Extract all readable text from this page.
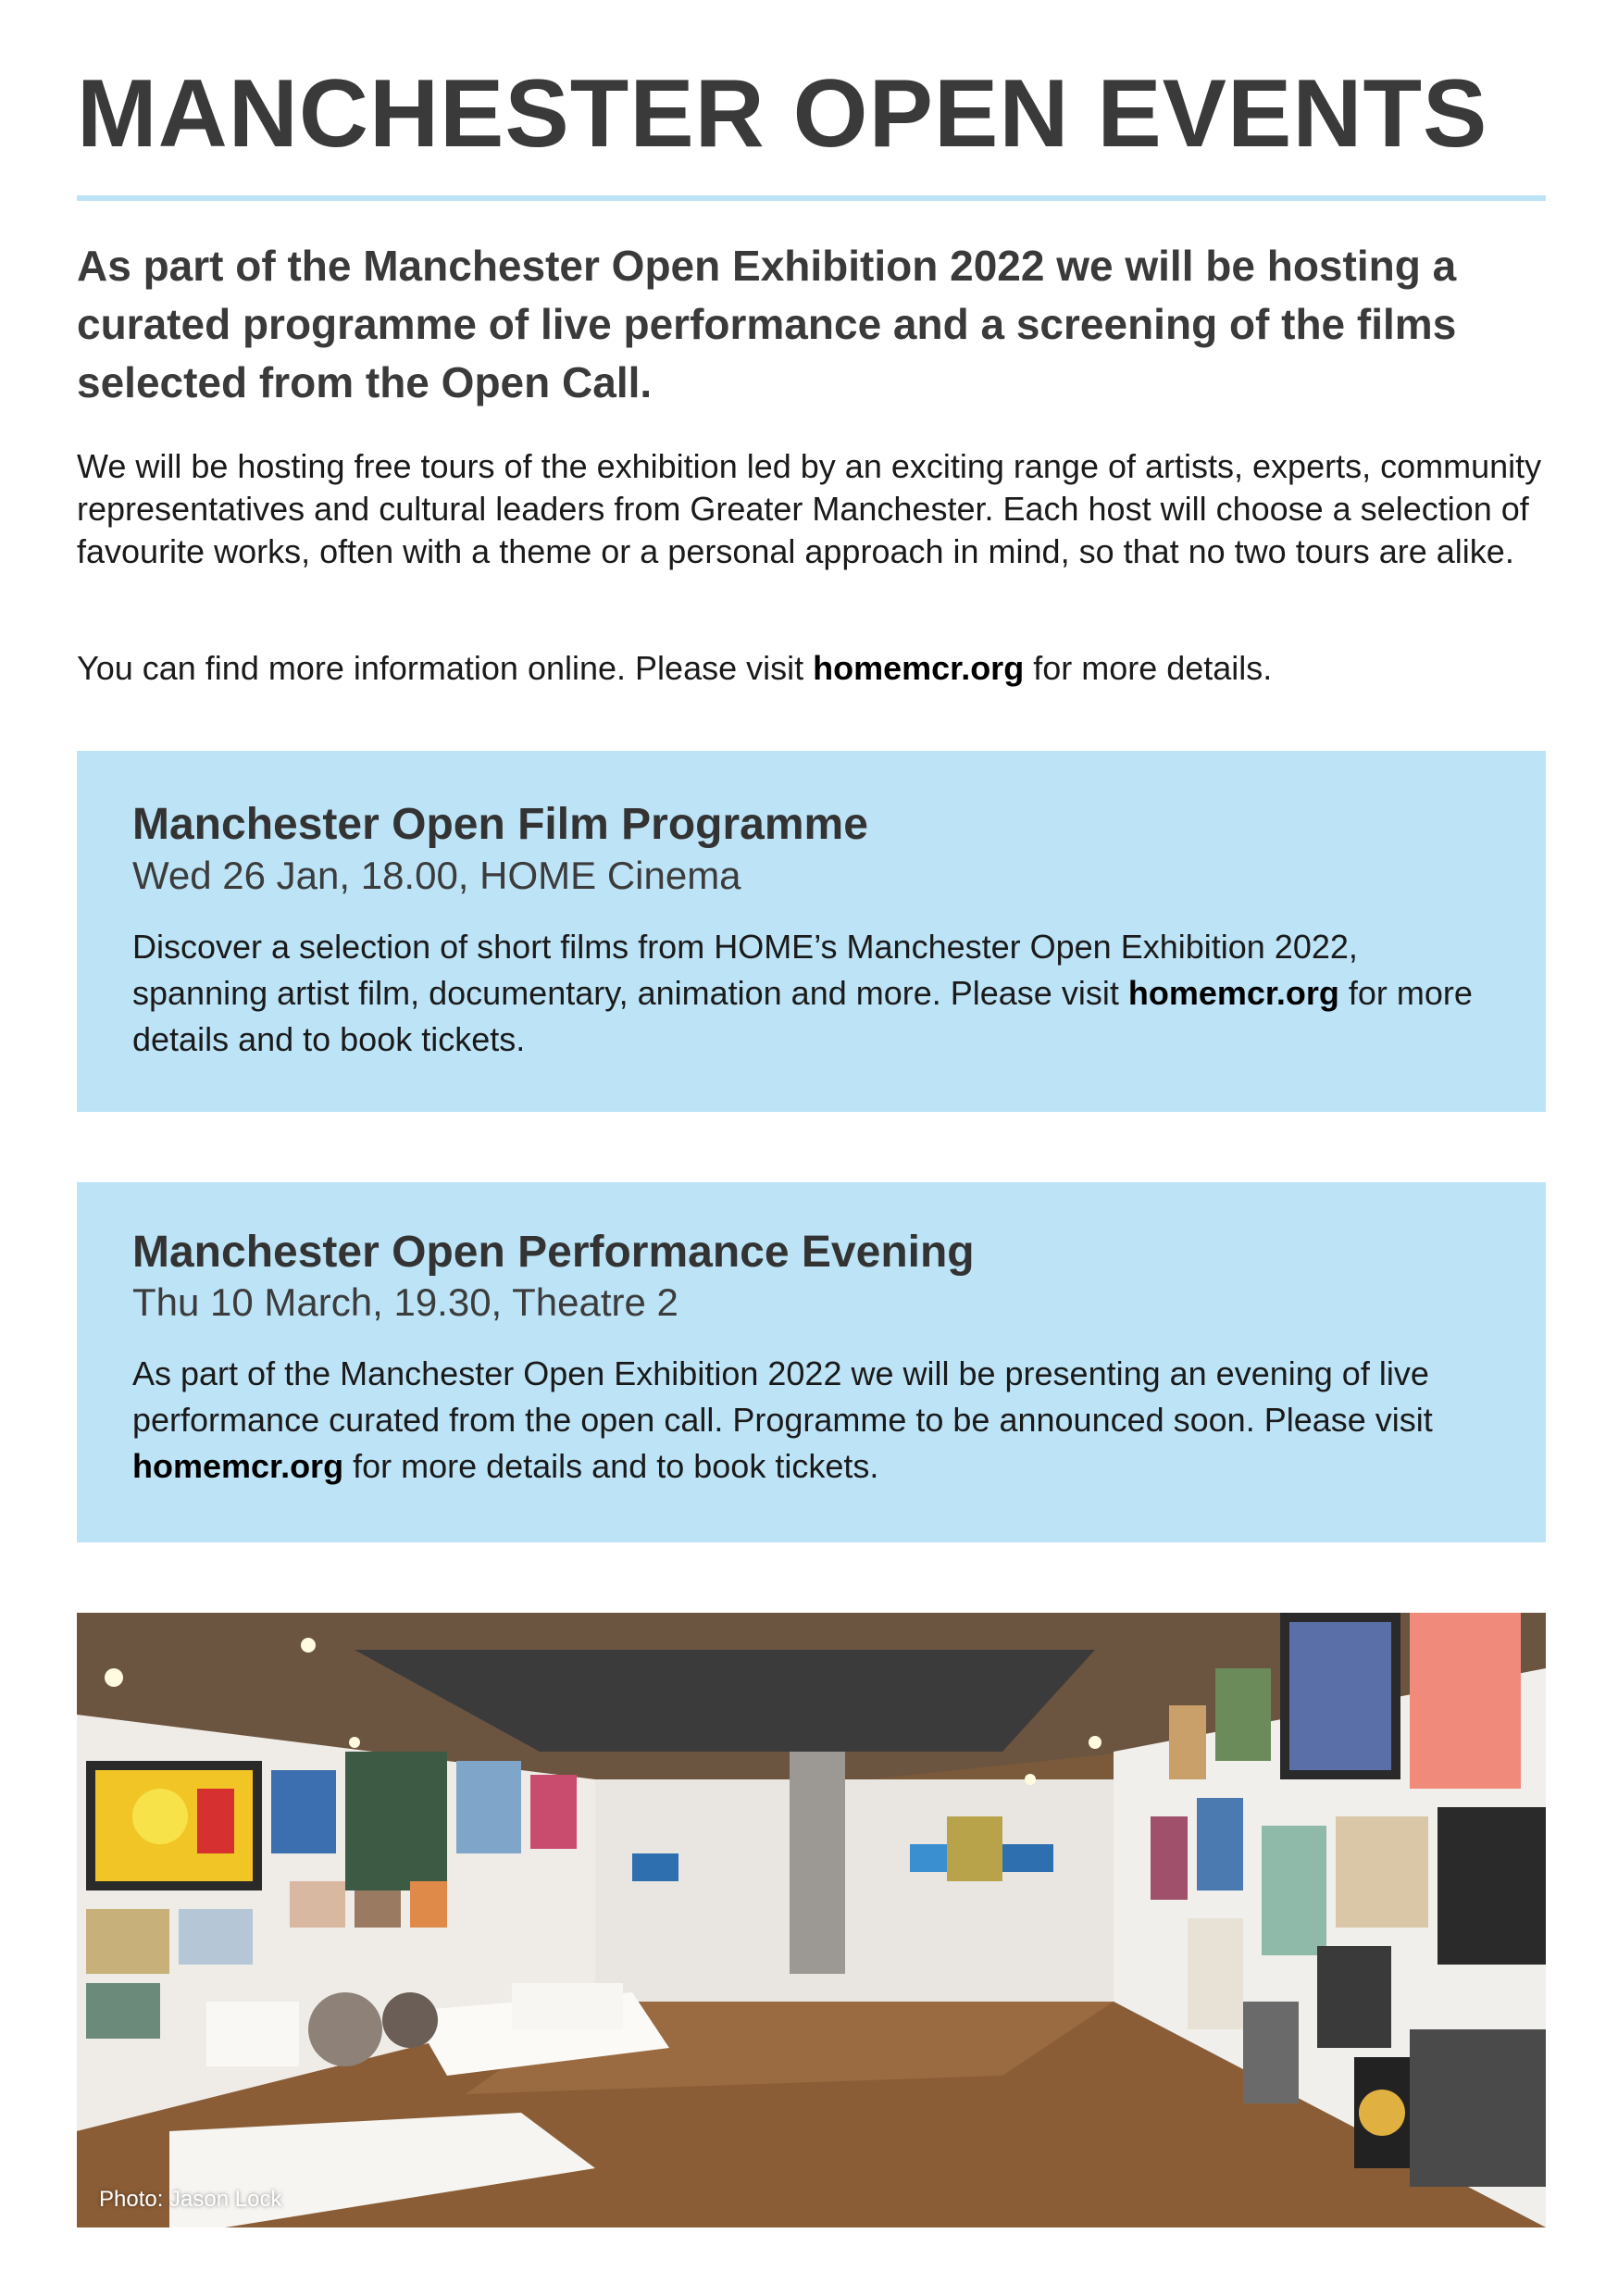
MANCHESTER OPEN EVENTS

As part of the Manchester Open Exhibition 2022 we will be hosting a curated programme of live performance and a screening of the films selected from the Open Call.

We will be hosting free tours of the exhibition led by an exciting range of artists, experts, community representatives and cultural leaders from Greater Manchester. Each host will choose a selection of favourite works, often with a theme or a personal approach in mind, so that no two tours are alike.

You can find more information online. Please visit homemcr.org for more details.

Manchester Open Film Programme

Wed 26 Jan, 18.00, HOME Cinema

Discover a selection of short films from HOME’s Manchester Open Exhibition 2022, spanning artist film, documentary, animation and more. Please visit homemcr.org for more details and to book tickets.

Manchester Open Performance Evening

Thu 10 March, 19.30, Theatre 2

As part of the Manchester Open Exhibition 2022 we will be presenting an evening of live performance curated from the open call. Programme to be announced soon. Please visit homemcr.org for more details and to book tickets.

Photo: Jason Lock
